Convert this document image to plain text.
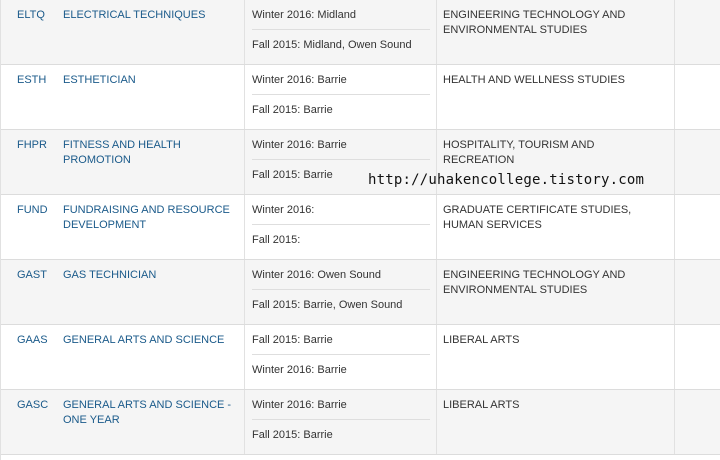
ELTQ	ELECTRICAL TECHNIQUES	Winter 2016: Midland
Fall 2015: Midland, Owen Sound
ENGINEERING TECHNOLOGY AND ENVIRONMENTAL STUDIES
ESTH	ESTHETICIAN	Winter 2016: Barrie
Fall 2015: Barrie
HEALTH AND WELLNESS STUDIES
FHPR	FITNESS AND HEALTH PROMOTION
Winter 2016: Barrie
Fall 2015: Barrie
HOSPITALITY, TOURISM AND RECREATION
FUND	FUNDRAISING AND RESOURCE DEVELOPMENT
Winter 2016:
Fall 2015:
GRADUATE CERTIFICATE STUDIES, HUMAN SERVICES
GAST	GAS TECHNICIAN	Winter 2016: Owen Sound
Fall 2015: Barrie, Owen Sound
ENGINEERING TECHNOLOGY AND ENVIRONMENTAL STUDIES
GAAS	GENERAL ARTS AND SCIENCE	Fall 2015: Barrie
Winter 2016: Barrie
LIBERAL ARTS
GASC	GENERAL ARTS AND SCIENCE - ONE YEAR
Winter 2016: Barrie
Fall 2015: Barrie
LIBERAL ARTS
http://uhakencollege.tistory.com
